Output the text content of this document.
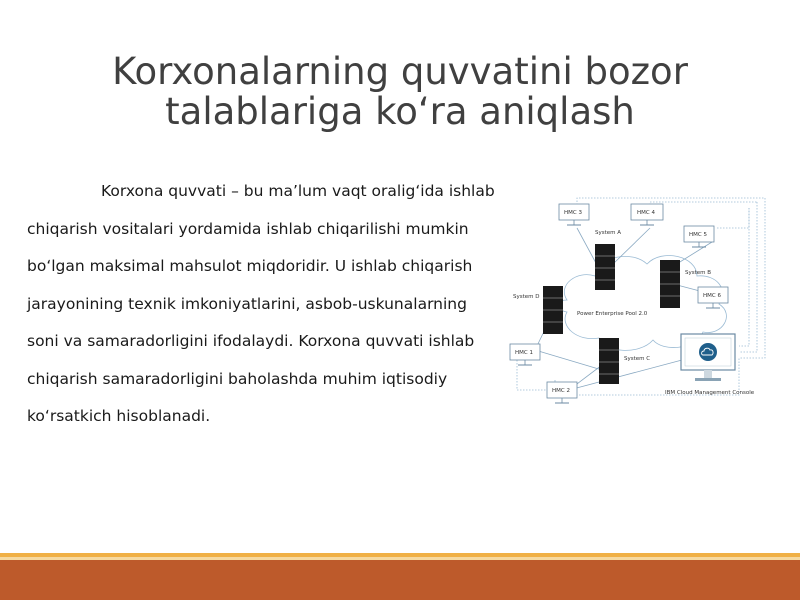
Korxonalarning quvvatini bozor
talablariga koʻra aniqlash

Korxona quvvati – bu maʼlum vaqt oraligʻida ishlab chiqarish vositalari yordamida ishlab chiqarilishi mumkin boʻlgan maksimal mahsulot miqdoridir. U ishlab chiqarish jarayonining texnik imkoniyatlarini, asbob-uskunalarning soni va samaradorligini ifodalaydi. Korxona quvvati ishlab chiqarish samaradorligini baholashda muhim iqtisodiy koʻrsatkich hisoblanadi.

Power Enterprise Pool 2.0
System A
System B
System C
System D
HMC 3	HMC 4
HMC 5
HMC 6
HMC 1
HMC 2	IBM Cloud Management Console
